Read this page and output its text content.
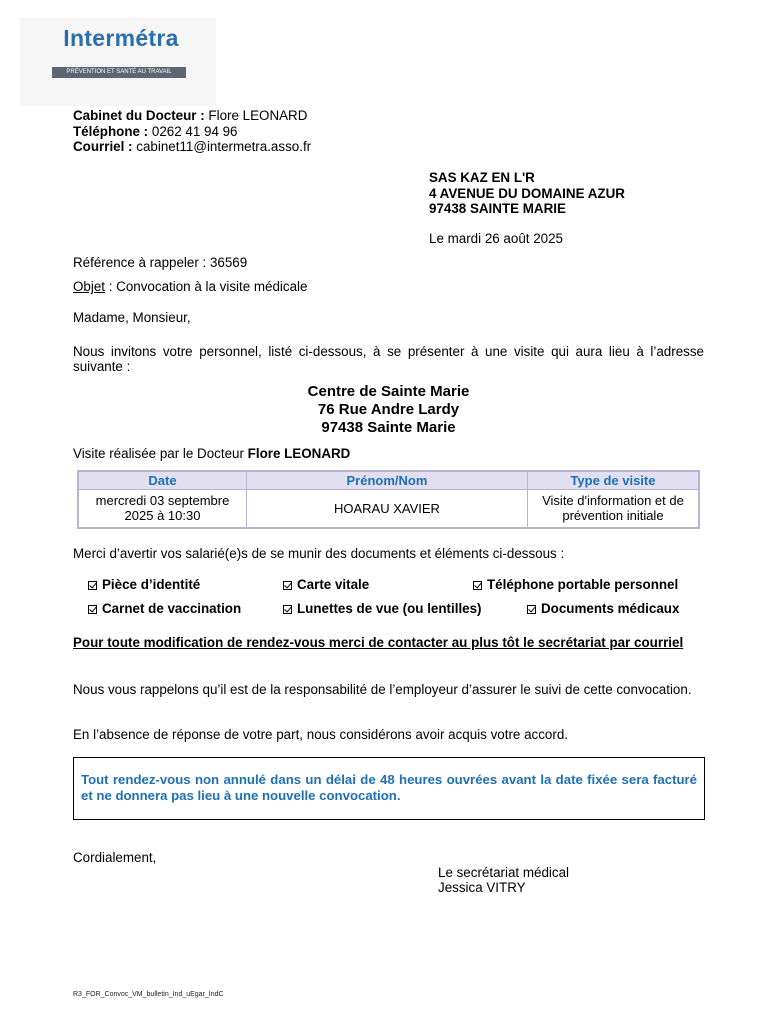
Intermétra
PRÉVENTION ET SANTÉ AU TRAVAIL
Cabinet du Docteur : Flore LEONARD
Téléphone : 0262 41 94 96
Courriel : cabinet11@intermetra.asso.fr
SAS KAZ EN L'R
4 AVENUE DU DOMAINE AZUR
97438 SAINTE MARIE
Le mardi 26 août 2025
Référence à rappeler : 36569
Objet : Convocation à la visite médicale
Madame, Monsieur,
Nous invitons votre personnel, listé ci-dessous, à se présenter à une visite qui aura lieu à l’adresse suivante :
Centre de Sainte Marie
76 Rue Andre Lardy
97438 Sainte Marie
Visite réalisée par le Docteur Flore LEONARD
Date	Prénom/Nom	Type de visite
mercredi 03 septembre 2025 à 10:30	HOARAU XAVIER	Visite d'information et de prévention initiale
Merci d’avertir vos salarié(e)s de se munir des documents et éléments ci-dessous :
Pièce d’identité	Carte vitale	Téléphone portable personnel
Carnet de vaccination	Lunettes de vue (ou lentilles)	Documents médicaux
Pour toute modification de rendez-vous merci de contacter au plus tôt le secrétariat par courriel
Nous vous rappelons qu’il est de la responsabilité de l’employeur d’assurer le suivi de cette convocation.
En l’absence de réponse de votre part, nous considérons avoir acquis votre accord.
Tout rendez-vous non annulé dans un délai de 48 heures ouvrées avant la date fixée sera facturé et ne donnera pas lieu à une nouvelle convocation.
Cordialement,
Le secrétariat médical
Jessica VITRY
R3_FOR_Convoc_VM_bulletin_Ind_uEgar_IndC
